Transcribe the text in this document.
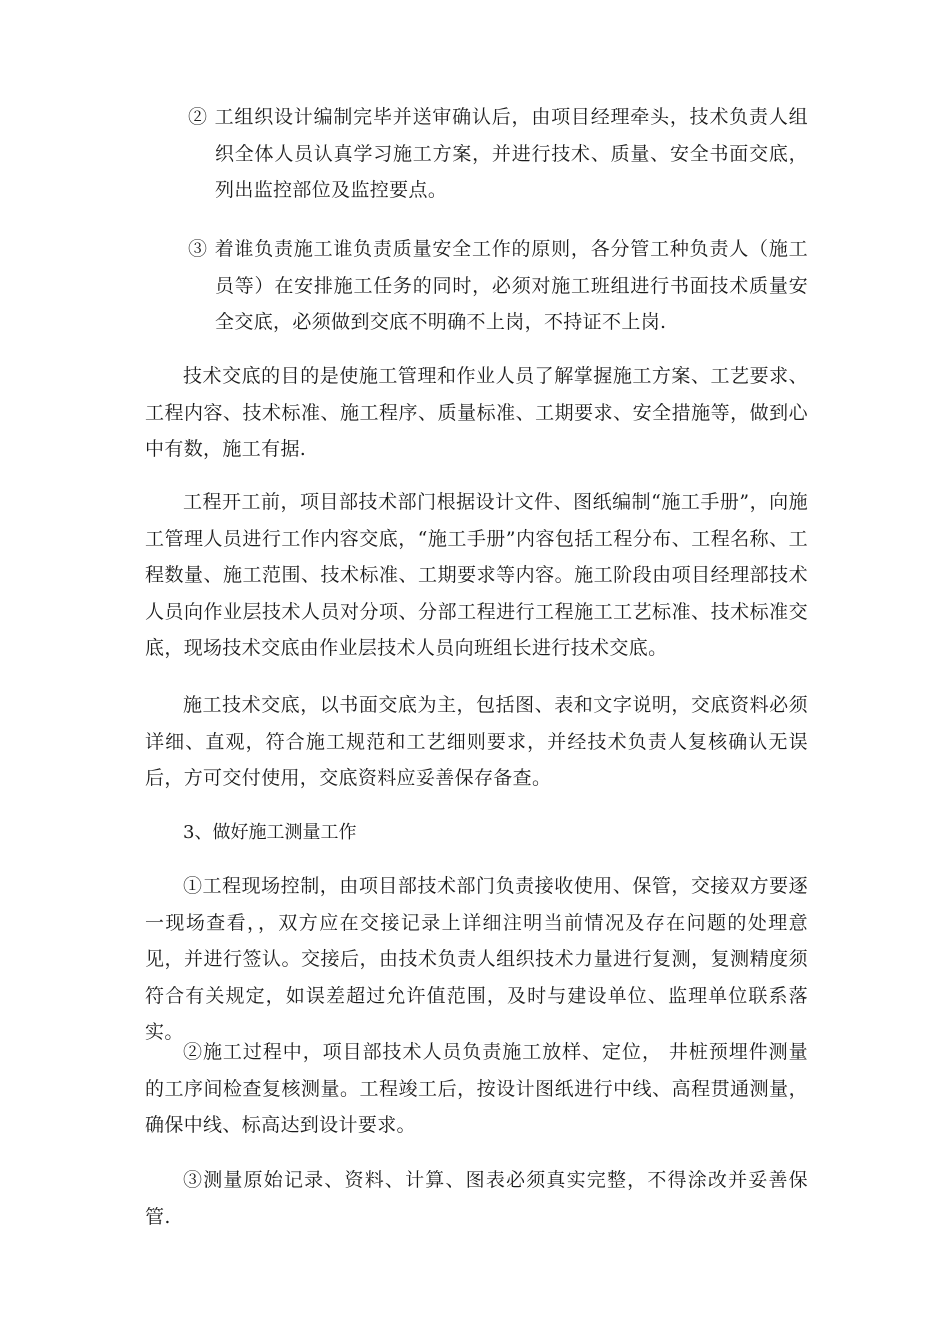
② 工组织设计编制完毕并送审确认后，由项目经理牵头，技术负责人组织全体人员认真学习施工方案，并进行技术、质量、安全书面交底，列出监控部位及监控要点。

③ 着谁负责施工谁负责质量安全工作的原则，各分管工种负责人（施工员等）在安排施工任务的同时，必须对施工班组进行书面技术质量安全交底，必须做到交底不明确不上岗，不持证不上岗.

技术交底的目的是使施工管理和作业人员了解掌握施工方案、工艺要求、工程内容、技术标准、施工程序、质量标准、工期要求、安全措施等，做到心中有数，施工有据.

工程开工前，项目部技术部门根据设计文件、图纸编制“施工手册”，向施工管理人员进行工作内容交底，“施工手册”内容包括工程分布、工程名称、工程数量、施工范围、技术标准、工期要求等内容。施工阶段由项目经理部技术人员向作业层技术人员对分项、分部工程进行工程施工工艺标准、技术标准交底，现场技术交底由作业层技术人员向班组长进行技术交底。

施工技术交底，以书面交底为主，包括图、表和文字说明，交底资料必须详细、直观，符合施工规范和工艺细则要求，并经技术负责人复核确认无误后，方可交付使用，交底资料应妥善保存备查。

3、做好施工测量工作

①工程现场控制，由项目部技术部门负责接收使用、保管，交接双方要逐一现场查看，，双方应在交接记录上详细注明当前情况及存在问题的处理意见，并进行签认。交接后，由技术负责人组织技术力量进行复测，复测精度须符合有关规定，如误差超过允许值范围，及时与建设单位、监理单位联系落实。

②施工过程中，项目部技术人员负责施工放样、定位， 井桩预埋件测量的工序间检查复核测量。工程竣工后，按设计图纸进行中线、高程贯通测量，确保中线、标高达到设计要求。

③测量原始记录、资料、计算、图表必须真实完整，不得涂改并妥善保管.
